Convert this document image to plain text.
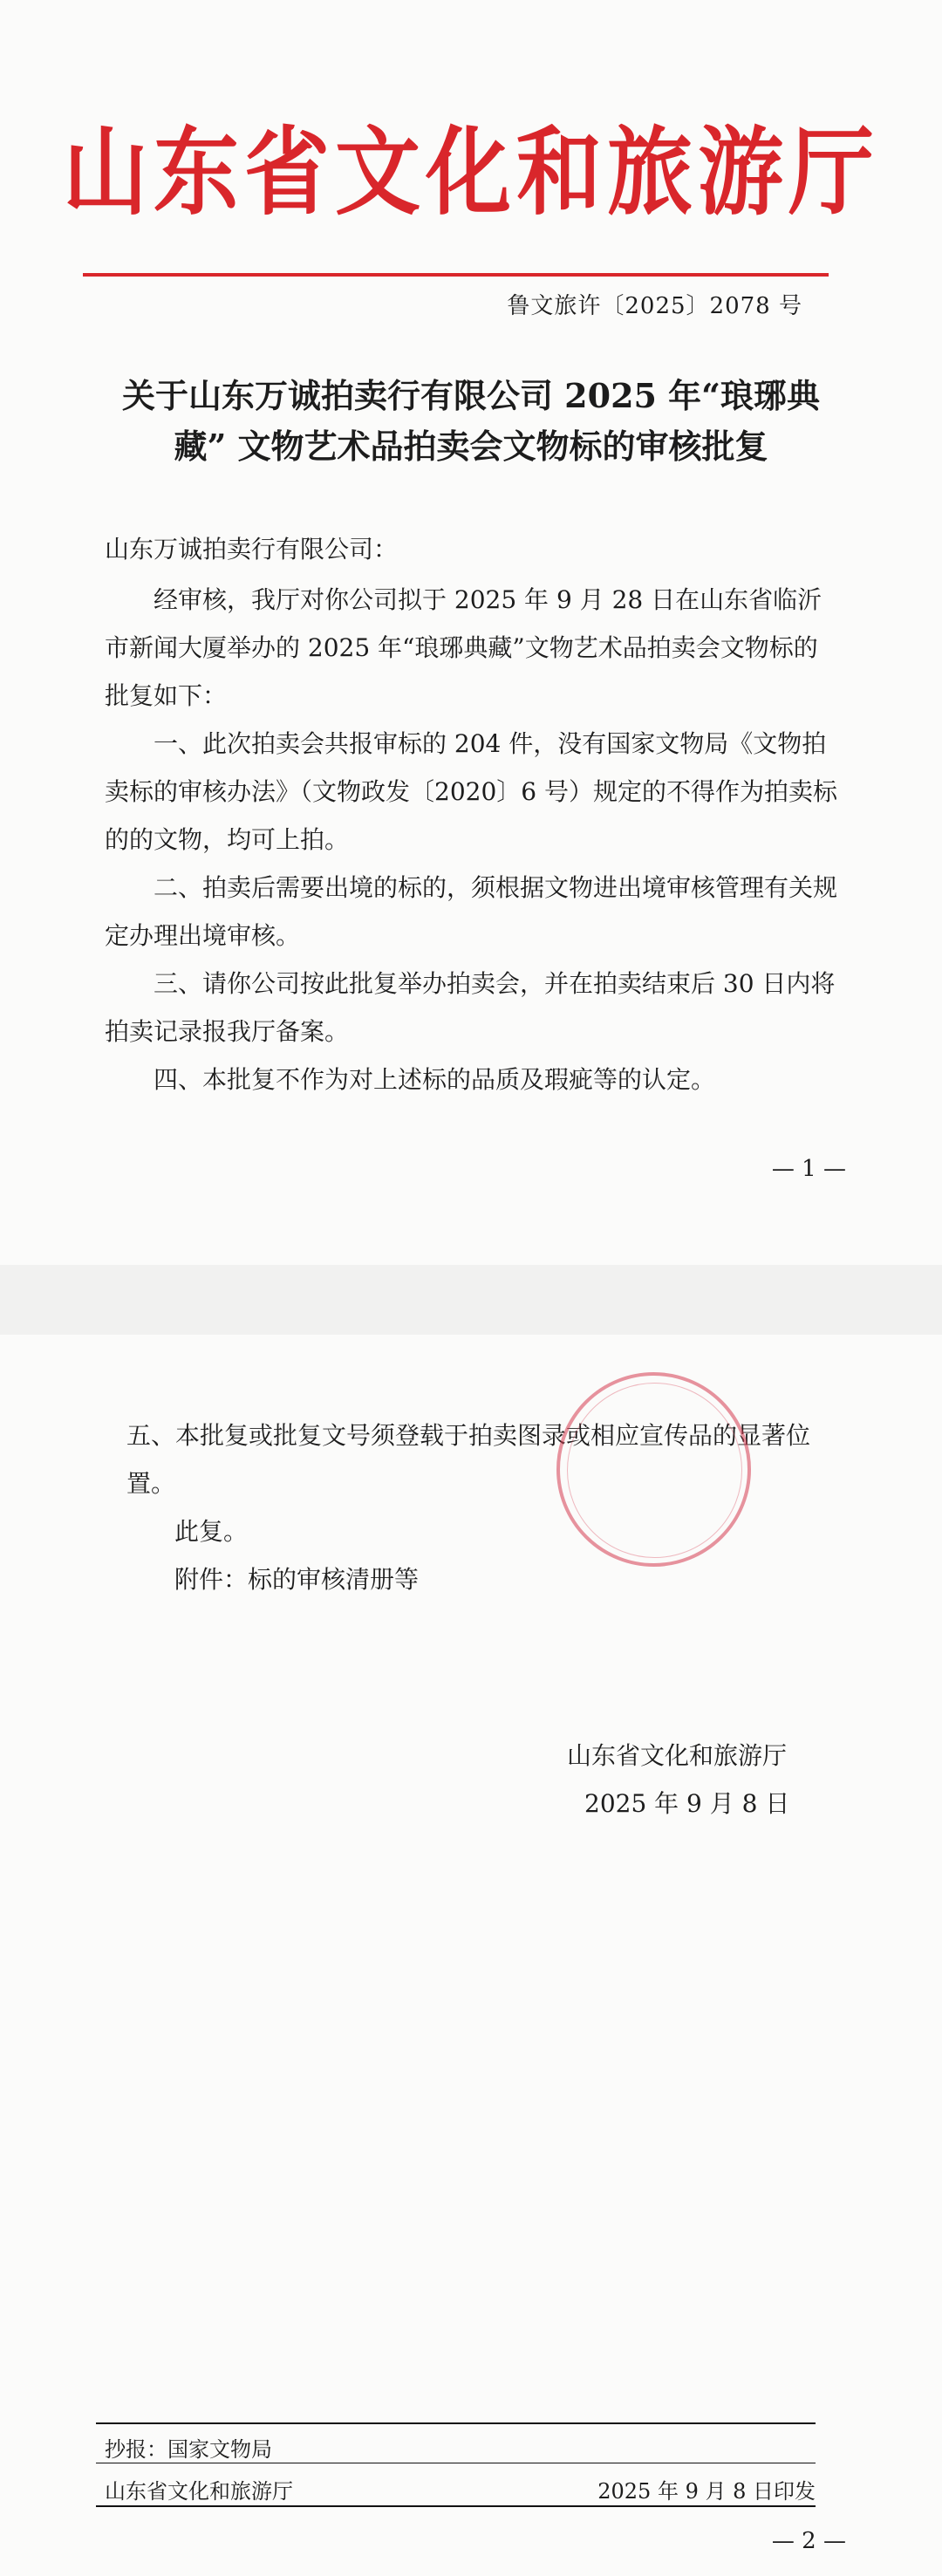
山东省文化和旅游厅
鲁文旅许〔2025〕2078 号
关于山东万诚拍卖行有限公司 2025 年“琅琊典
藏” 文物艺术品拍卖会文物标的审核批复
山东万诚拍卖行有限公司：

经审核，我厅对你公司拟于 2025 年 9 月 28 日在山东省临沂市新闻大厦举办的 2025 年“琅琊典藏”文物艺术品拍卖会文物标的批复如下：

一、此次拍卖会共报审标的 204 件，没有国家文物局《文物拍卖标的审核办法》（文物政发〔2020〕6 号）规定的不得作为拍卖标的的文物，均可上拍。

二、拍卖后需要出境的标的，须根据文物进出境审核管理有关规定办理出境审核。

三、请你公司按此批复举办拍卖会，并在拍卖结束后 30 日内将拍卖记录报我厅备案。

四、本批复不作为对上述标的品质及瑕疵等的认定。

— 1 —

五、本批复或批复文号须登载于拍卖图录或相应宣传品的显著位置。

此复。

附件：标的审核清册等

山东省文化和旅游厅
2025 年 9 月 8 日
抄报：国家文物局
山东省文化和旅游厅	2025 年 9 月 8 日印发
— 2 —
